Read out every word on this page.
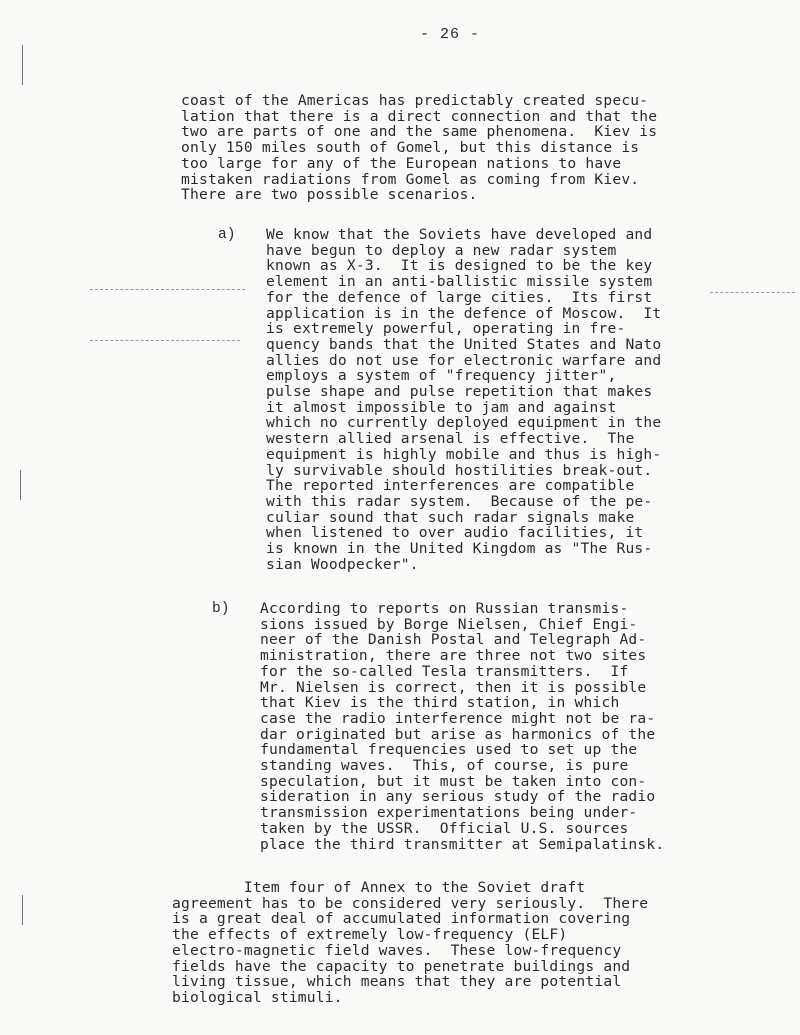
- 26 -
coast of the Americas has predictably created specu-
lation that there is a direct connection and that the
two are parts of one and the same phenomena.  Kiev is
only 150 miles south of Gomel, but this distance is
too large for any of the European nations to have
mistaken radiations from Gomel as coming from Kiev.
There are two possible scenarios.
a) We know that the Soviets have developed and
have begun to deploy a new radar system
known as X-3.  It is designed to be the key
element in an anti-ballistic missile system
for the defence of large cities.  Its first
application is in the defence of Moscow.  It
is extremely powerful, operating in fre-
quency bands that the United States and Nato
allies do not use for electronic warfare and
employs a system of "frequency jitter",
pulse shape and pulse repetition that makes
it almost impossible to jam and against
which no currently deployed equipment in the
western allied arsenal is effective.  The
equipment is highly mobile and thus is high-
ly survivable should hostilities break-out.
The reported interferences are compatible
with this radar system.  Because of the pe-
culiar sound that such radar signals make
when listened to over audio facilities, it
is known in the United Kingdom as "The Rus-
sian Woodpecker".
b) According to reports on Russian transmis-
sions issued by Borge Nielsen, Chief Engi-
neer of the Danish Postal and Telegraph Ad-
ministration, there are three not two sites
for the so-called Tesla transmitters.  If
Mr. Nielsen is correct, then it is possible
that Kiev is the third station, in which
case the radio interference might not be ra-
dar originated but arise as harmonics of the
fundamental frequencies used to set up the
standing waves.  This, of course, is pure
speculation, but it must be taken into con-
sideration in any serious study of the radio
transmission experimentations being under-
taken by the USSR.  Official U.S. sources
place the third transmitter at Semipalatinsk.
Item four of Annex to the Soviet draft
agreement has to be considered very seriously.  There
is a great deal of accumulated information covering
the effects of extremely low-frequency (ELF)
electro-magnetic field waves.  These low-frequency
fields have the capacity to penetrate buildings and
living tissue, which means that they are potential
biological stimuli.
